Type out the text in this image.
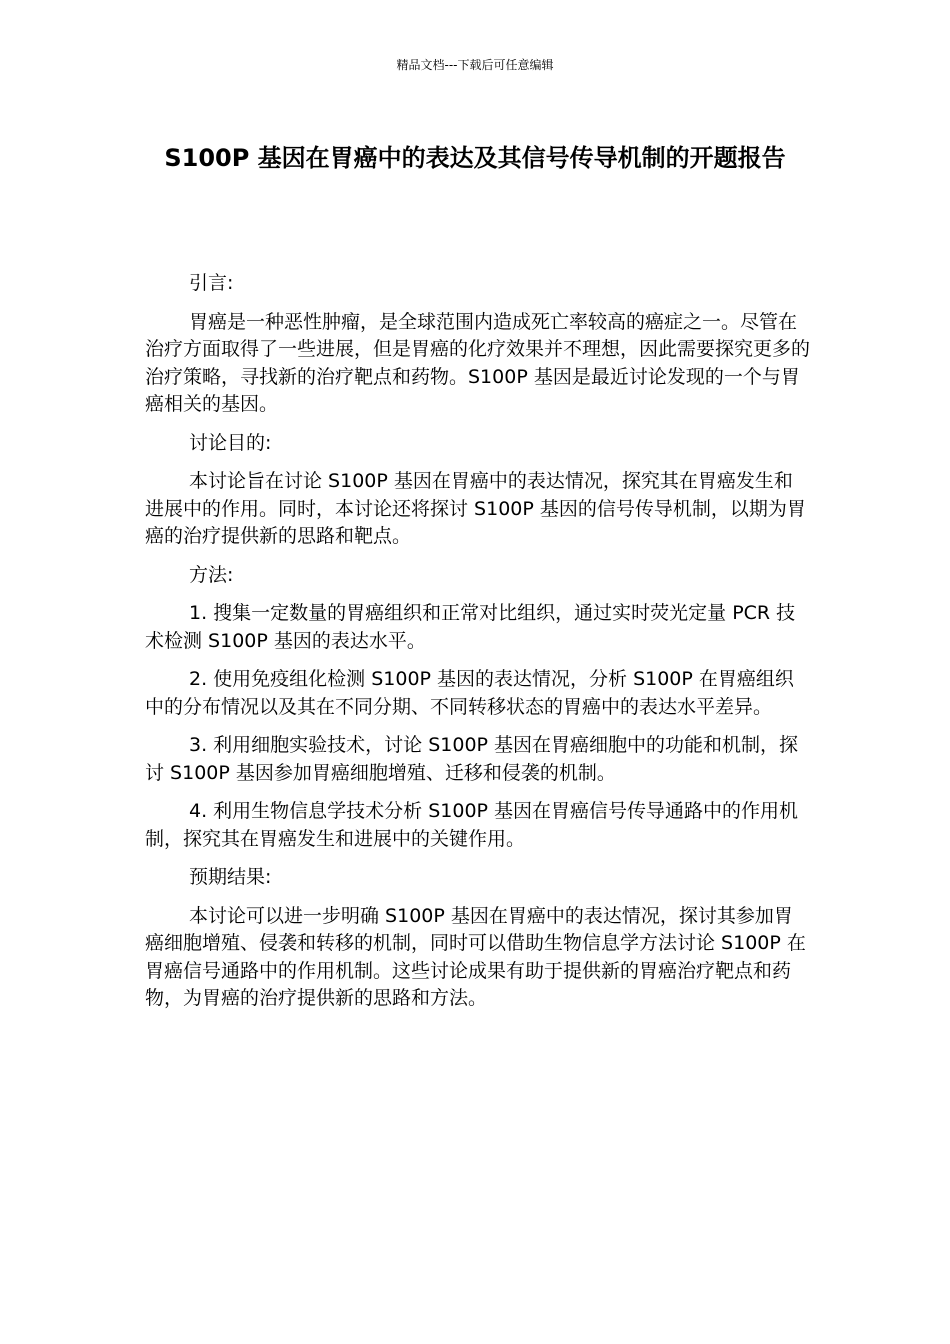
精品文档---下载后可任意编辑
S100P 基因在胃癌中的表达及其信号传导机制的开题报告

引言:

胃癌是一种恶性肿瘤，是全球范围内造成死亡率较高的癌症之一。尽管在治疗方面取得了一些进展，但是胃癌的化疗效果并不理想，因此需要探究更多的治疗策略，寻找新的治疗靶点和药物。S100P 基因是最近讨论发现的一个与胃癌相关的基因。

讨论目的:

本讨论旨在讨论 S100P 基因在胃癌中的表达情况，探究其在胃癌发生和进展中的作用。同时，本讨论还将探讨 S100P 基因的信号传导机制，以期为胃癌的治疗提供新的思路和靶点。

方法:

1. 搜集一定数量的胃癌组织和正常对比组织，通过实时荧光定量 PCR 技术检测 S100P 基因的表达水平。

2. 使用免疫组化检测 S100P 基因的表达情况，分析 S100P 在胃癌组织中的分布情况以及其在不同分期、不同转移状态的胃癌中的表达水平差异。

3. 利用细胞实验技术，讨论 S100P 基因在胃癌细胞中的功能和机制，探讨 S100P 基因参加胃癌细胞增殖、迁移和侵袭的机制。

4. 利用生物信息学技术分析 S100P 基因在胃癌信号传导通路中的作用机制，探究其在胃癌发生和进展中的关键作用。

预期结果:

本讨论可以进一步明确 S100P 基因在胃癌中的表达情况，探讨其参加胃癌细胞增殖、侵袭和转移的机制，同时可以借助生物信息学方法讨论 S100P 在胃癌信号通路中的作用机制。这些讨论成果有助于提供新的胃癌治疗靶点和药物，为胃癌的治疗提供新的思路和方法。
